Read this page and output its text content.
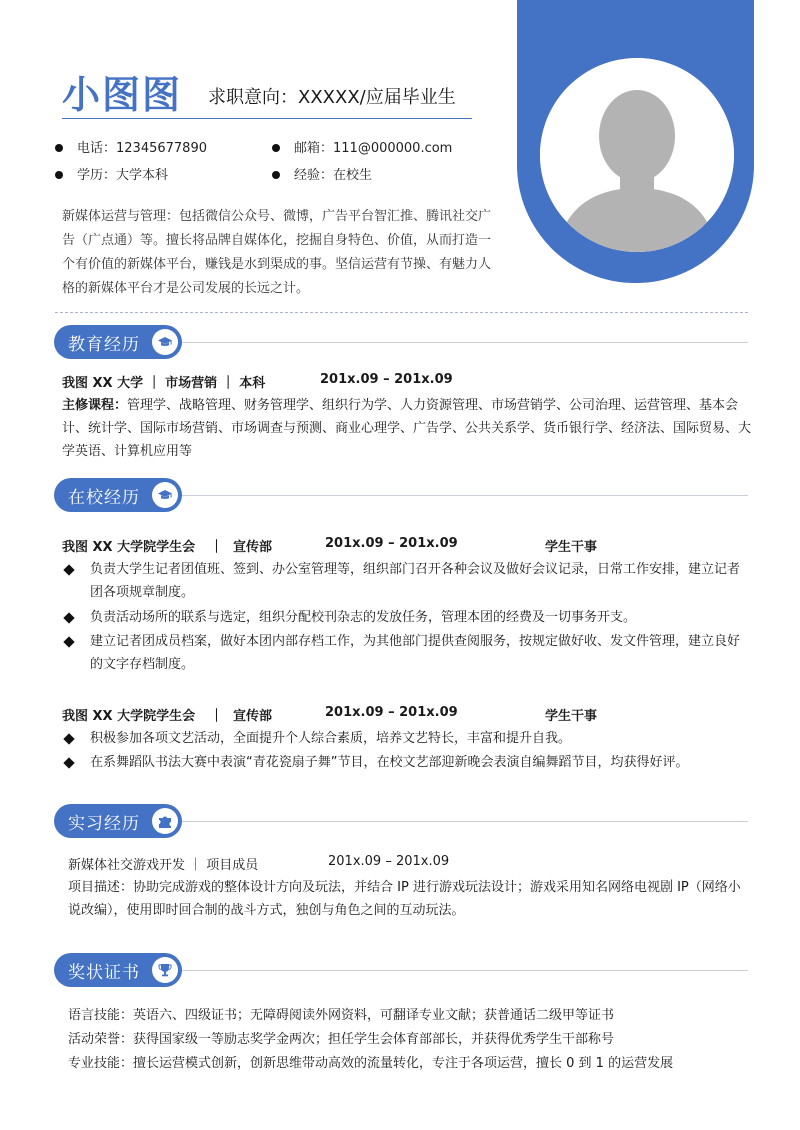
小图图 求职意向：XXXXX/应届毕业生
电话：12345677890	邮箱：111@000000.com
学历：大学本科	经验：在校生
新媒体运营与管理：包括微信公众号、微博，广告平台智汇推、腾讯社交广告（广点通）等。擅长将品牌自媒体化，挖掘自身特色、价值，从而打造一个有价值的新媒体平台，赚钱是水到渠成的事。坚信运营有节操、有魅力人格的新媒体平台才是公司发展的长远之计。
教育经历
我图 XX 大学 ｜ 市场营销 ｜ 本科	201x.09 – 201x.09
主修课程：管理学、战略管理、财务管理学、组织行为学、人力资源管理、市场营销学、公司治理、运营管理、基本会计、统计学、国际市场营销、市场调查与预测、商业心理学、广告学、公共关系学、货币银行学、经济法、国际贸易、大学英语、计算机应用等
在校经历
我图 XX 大学院学生会 ｜ 宣传部	201x.09 – 201x.09	学生干事
负责大学生记者团值班、签到、办公室管理等，组织部门召开各种会议及做好会议记录，日常工作安排，建立记者团各项规章制度。
负责活动场所的联系与选定，组织分配校刊杂志的发放任务，管理本团的经费及一切事务开支。
建立记者团成员档案，做好本团内部存档工作，为其他部门提供查阅服务，按规定做好收、发文件管理，建立良好的文字存档制度。
我图 XX 大学院学生会 ｜ 宣传部	201x.09 – 201x.09	学生干事
积极参加各项文艺活动，全面提升个人综合素质，培养文艺特长，丰富和提升自我。
在系舞蹈队书法大赛中表演“青花瓷扇子舞”节目，在校文艺部迎新晚会表演自编舞蹈节目，均获得好评。
实习经历
新媒体社交游戏开发 ｜ 项目成员	201x.09 – 201x.09
项目描述：协助完成游戏的整体设计方向及玩法，并结合 IP 进行游戏玩法设计；游戏采用知名网络电视剧 IP（网络小说改编），使用即时回合制的战斗方式，独创与角色之间的互动玩法。
奖状证书
语言技能：英语六、四级证书；无障碍阅读外网资料，可翻译专业文献；获普通话二级甲等证书
活动荣誉：获得国家级一等励志奖学金两次；担任学生会体育部部长，并获得优秀学生干部称号
专业技能：擅长运营模式创新，创新思维带动高效的流量转化，专注于各项运营，擅长 0 到 1 的运营发展
